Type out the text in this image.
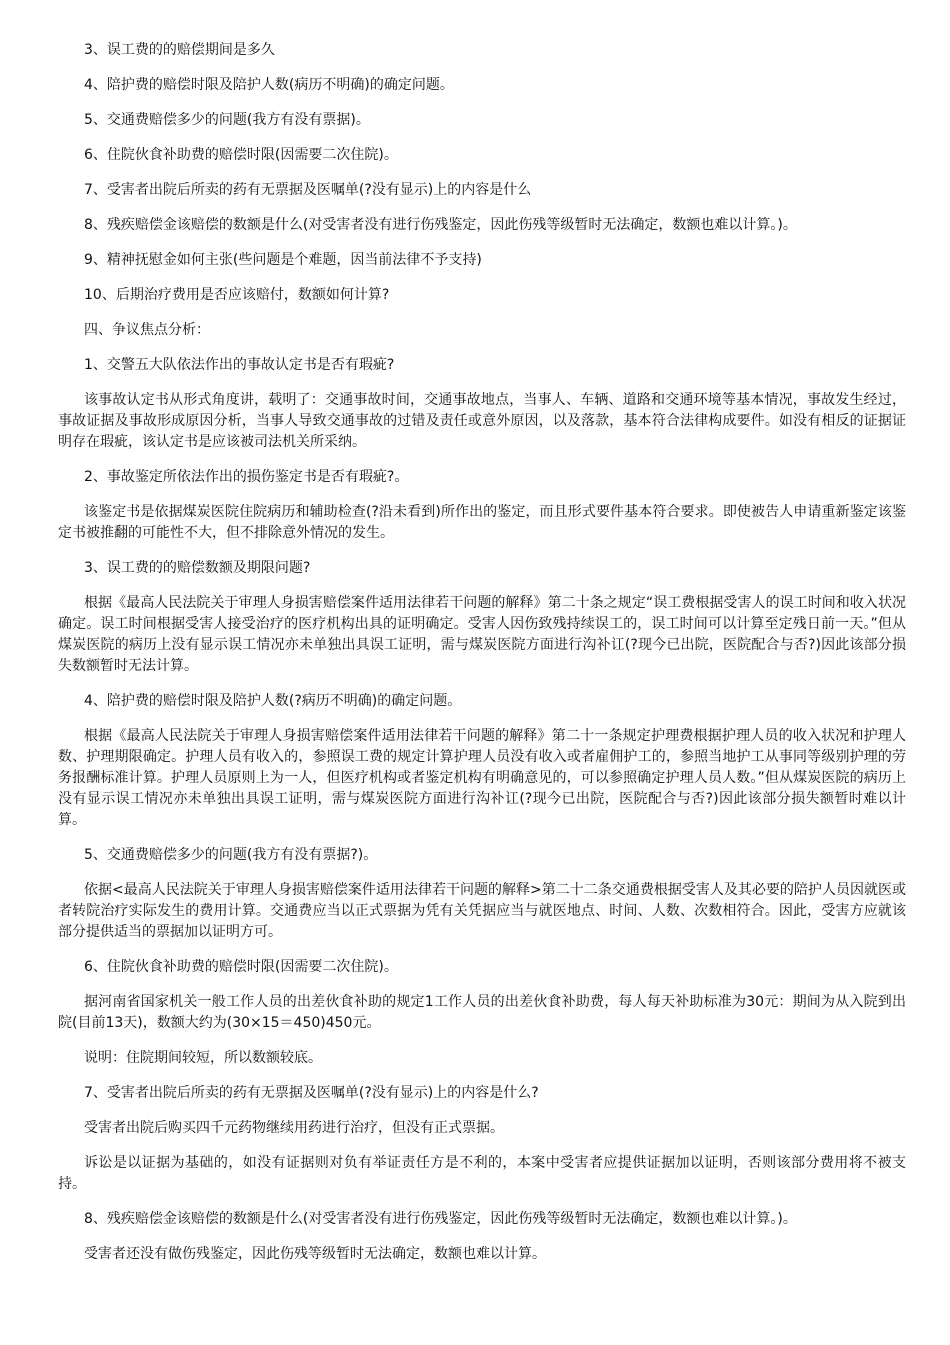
3、误工费的的赔偿期间是多久

4、陪护费的赔偿时限及陪护人数(病历不明确)的确定问题。

5、交通费赔偿多少的问题(我方有没有票据)。

6、住院伙食补助费的赔偿时限(因需要二次住院)。

7、受害者出院后所卖的药有无票据及医嘱单(?没有显示)上的内容是什么

8、残疾赔偿金该赔偿的数额是什么(对受害者没有进行伤残鉴定，因此伤残等级暂时无法确定，数额也难以计算。)。

9、精神抚慰金如何主张(些问题是个难题，因当前法律不予支持)

10、后期治疗费用是否应该赔付，数额如何计算?

四、争议焦点分析：

1、交警五大队依法作出的事故认定书是否有瑕疵?

该事故认定书从形式角度讲，载明了：交通事故时间，交通事故地点，当事人、车辆、道路和交通环境等基本情况，事故发生经过，事故证据及事故形成原因分析，当事人导致交通事故的过错及责任或意外原因，以及落款，基本符合法律构成要件。如没有相反的证据证明存在瑕疵，该认定书是应该被司法机关所采纳。

2、事故鉴定所依法作出的损伤鉴定书是否有瑕疵?。

该鉴定书是依据煤炭医院住院病历和辅助检查(?沿未看到)所作出的鉴定，而且形式要件基本符合要求。即使被告人申请重新鉴定该鉴定书被推翻的可能性不大，但不排除意外情况的发生。

3、误工费的的赔偿数额及期限问题?

根据《最高人民法院关于审理人身损害赔偿案件适用法律若干问题的解释》第二十条之规定“误工费根据受害人的误工时间和收入状况确定。误工时间根据受害人接受治疗的医疗机构出具的证明确定。受害人因伤致残持续误工的，误工时间可以计算至定残日前一天。”但从煤炭医院的病历上没有显示误工情况亦未单独出具误工证明，需与煤炭医院方面进行沟补讧(?现今已出院，医院配合与否?)因此该部分损失数额暂时无法计算。

4、陪护费的赔偿时限及陪护人数(?病历不明确)的确定问题。

根据《最高人民法院关于审理人身损害赔偿案件适用法律若干问题的解释》第二十一条规定护理费根据护理人员的收入状况和护理人数、护理期限确定。护理人员有收入的，参照误工费的规定计算护理人员没有收入或者雇佣护工的，参照当地护工从事同等级别护理的劳务报酬标准计算。护理人员原则上为一人，但医疗机构或者鉴定机构有明确意见的，可以参照确定护理人员人数。”但从煤炭医院的病历上没有显示误工情况亦未单独出具误工证明，需与煤炭医院方面进行沟补讧(?现今已出院，医院配合与否?)因此该部分损失额暂时难以计算。

5、交通费赔偿多少的问题(我方有没有票据?)。

依据<最高人民法院关于审理人身损害赔偿案件适用法律若干问题的解释>第二十二条交通费根据受害人及其必要的陪护人员因就医或者转院治疗实际发生的费用计算。交通费应当以正式票据为凭有关凭据应当与就医地点、时间、人数、次数相符合。因此，受害方应就该部分提供适当的票据加以证明方可。

6、住院伙食补助费的赔偿时限(因需要二次住院)。

据河南省国家机关一般工作人员的出差伙食补助的规定1工作人员的出差伙食补助费，每人每天补助标准为30元：期间为从入院到出院(目前13天)，数额大约为(30×15＝450)450元。

说明：住院期间较短，所以数额较底。

7、受害者出院后所卖的药有无票据及医嘱单(?没有显示)上的内容是什么?

受害者出院后购买四千元药物继续用药进行治疗，但没有正式票据。

诉讼是以证据为基础的，如没有证据则对负有举证责任方是不利的，本案中受害者应提供证据加以证明，否则该部分费用将不被支持。

8、残疾赔偿金该赔偿的数额是什么(对受害者没有进行伤残鉴定，因此伤残等级暂时无法确定，数额也难以计算。)。

受害者还没有做伤残鉴定，因此伤残等级暂时无法确定，数额也难以计算。
